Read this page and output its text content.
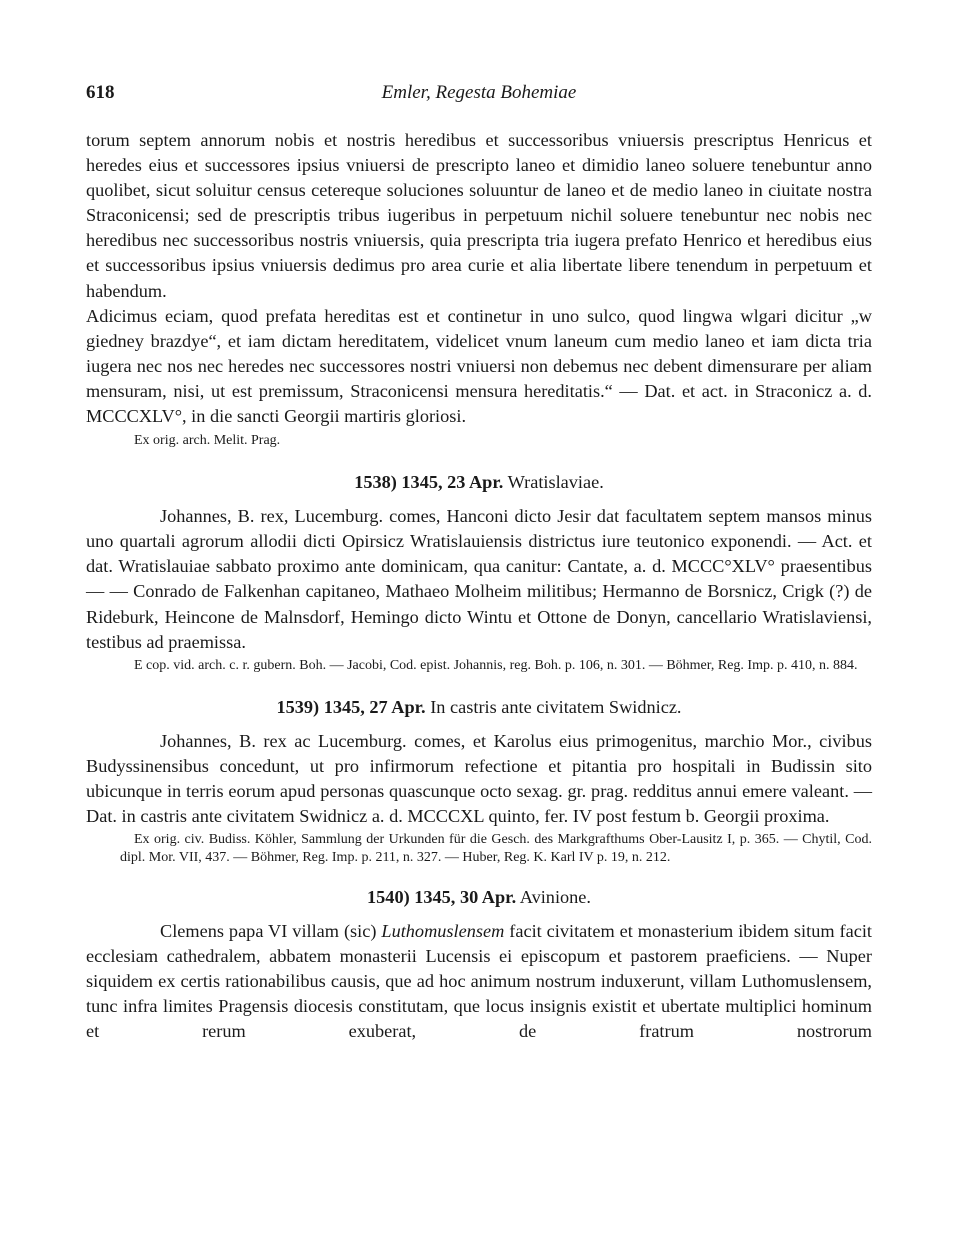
618	Emler, Regesta Bohemiae

torum septem annorum nobis et nostris heredibus et successoribus vniuersis prescriptus Henricus et heredes eius et successores ipsius vniuersi de prescripto laneo et dimidio laneo soluere tenebuntur anno quolibet, sicut soluitur census cetereque soluciones soluuntur de laneo et de medio laneo in ciuitate nostra Straconicensi; sed de prescriptis tribus iugeribus in perpetuum nichil soluere tenebuntur nec nobis nec heredibus nec successoribus nostris vniuersis, quia prescripta tria iugera prefato Henrico et heredibus eius et successoribus ipsius vniuersis dedimus pro area curie et alia libertate libere tenendum in perpetuum et habendum.

Adicimus eciam, quod prefata hereditas est et continetur in uno sulco, quod lingwa wlgari dicitur „w giedney brazdye“, et iam dictam hereditatem, videlicet vnum laneum cum medio laneo et iam dicta tria iugera nec nos nec heredes nec successores nostri vniuersi non debemus nec debent dimensurare per aliam mensuram, nisi, ut est premissum, Straconicensi mensura hereditatis.“ — Dat. et act. in Straconicz a. d. MCCCXLV°, in die sancti Georgii martiris gloriosi.

Ex orig. arch. Melit. Prag.

1538) 1345, 23 Apr. Wratislaviae.

Johannes, B. rex, Lucemburg. comes, Hanconi dicto Jesir dat facultatem septem mansos minus uno quartali agrorum allodii dicti Opirsicz Wratislauiensis districtus iure teutonico exponendi. — Act. et dat. Wratislauiae sabbato proximo ante dominicam, qua canitur: Cantate, a. d. MCCC°XLV° praesentibus — — Conrado de Falkenhan capitaneo, Mathaeo Molheim militibus; Hermanno de Borsnicz, Crigk (?) de Rideburk, Heincone de Malnsdorf, Hemingo dicto Wintu et Ottone de Donyn, cancellario Wratislaviensi, testibus ad praemissa.

E cop. vid. arch. c. r. gubern. Boh. — Jacobi, Cod. epist. Johannis, reg. Boh. p. 106, n. 301. — Böhmer, Reg. Imp. p. 410, n. 884.

1539) 1345, 27 Apr. In castris ante civitatem Swidnicz.

Johannes, B. rex ac Lucemburg. comes, et Karolus eius primogenitus, marchio Mor., civibus Budyssinensibus concedunt, ut pro infirmorum refectione et pitantia pro hospitali in Budissin sito ubicunque in terris eorum apud personas quascunque octo sexag. gr. prag. redditus annui emere valeant. — Dat. in castris ante civitatem Swidnicz a. d. MCCCXL quinto, fer. IV post festum b. Georgii proxima.

Ex orig. civ. Budiss. Köhler, Sammlung der Urkunden für die Gesch. des Markgrafthums Ober-Lausitz I, p. 365. — Chytil, Cod. dipl. Mor. VII, 437. — Böhmer, Reg. Imp. p. 211, n. 327. — Huber, Reg. K. Karl IV p. 19, n. 212.

1540) 1345, 30 Apr. Avinione.

Clemens papa VI villam (sic) Luthomuslensem facit civitatem et monasterium ibidem situm facit ecclesiam cathedralem, abbatem monasterii Lucensis ei episcopum et pastorem praeficiens. — Nuper siquidem ex certis rationabilibus causis, que ad hoc animum nostrum induxerunt, villam Luthomuslensem, tunc infra limites Pragensis diocesis constitutam, que locus insignis existit et ubertate multiplici hominum et rerum exuberat, de fratrum nostrorum
